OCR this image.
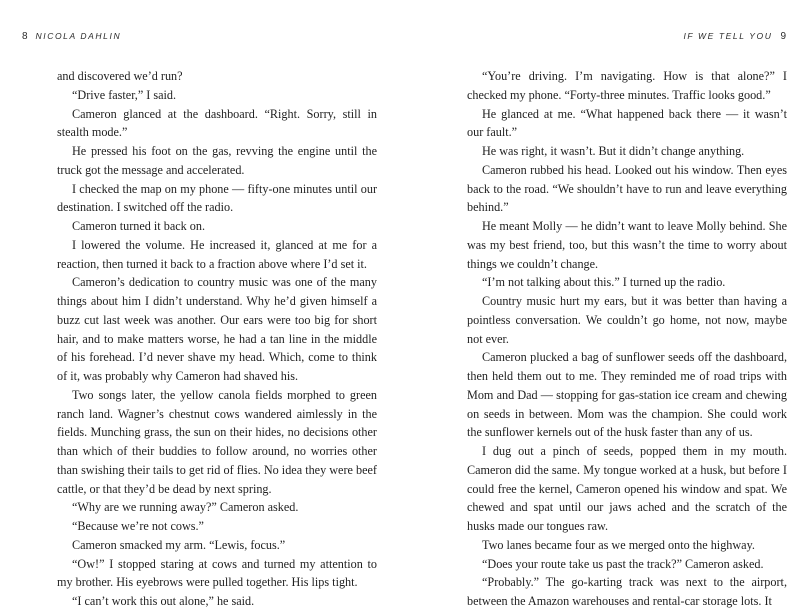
8 NICOLA DAHLIN	IF WE TELL YOU 9

and discovered we’d run?

“Drive faster,” I said.

Cameron glanced at the dashboard. “Right. Sorry, still in stealth mode.”

He pressed his foot on the gas, revving the engine until the truck got the message and accelerated.

I checked the map on my phone — fifty-one minutes until our destination. I switched off the radio.

Cameron turned it back on.

I lowered the volume. He increased it, glanced at me for a reaction, then turned it back to a fraction above where I’d set it.

Cameron’s dedication to country music was one of the many things about him I didn’t understand. Why he’d given himself a buzz cut last week was another. Our ears were too big for short hair, and to make matters worse, he had a tan line in the middle of his forehead. I’d never shave my head. Which, come to think of it, was probably why Cameron had shaved his.

Two songs later, the yellow canola fields morphed to green ranch land. Wagner’s chestnut cows wandered aimlessly in the fields. Munching grass, the sun on their hides, no decisions other than which of their buddies to follow around, no worries other than swishing their tails to get rid of flies. No idea they were beef cattle, or that they’d be dead by next spring.

“Why are we running away?” Cameron asked.

“Because we’re not cows.”

Cameron smacked my arm. “Lewis, focus.”

“Ow!” I stopped staring at cows and turned my attention to my brother. His eyebrows were pulled together. His lips tight.

“I can’t work this out alone,” he said.

“You’re driving. I’m navigating. How is that alone?” I checked my phone. “Forty-three minutes. Traffic looks good.”

He glanced at me. “What happened back there — it wasn’t our fault.”

He was right, it wasn’t. But it didn’t change anything.

Cameron rubbed his head. Looked out his window. Then eyes back to the road. “We shouldn’t have to run and leave everything behind.”

He meant Molly — he didn’t want to leave Molly behind. She was my best friend, too, but this wasn’t the time to worry about things we couldn’t change.

“I’m not talking about this.” I turned up the radio.

Country music hurt my ears, but it was better than having a pointless conversation. We couldn’t go home, not now, maybe not ever.

Cameron plucked a bag of sunflower seeds off the dashboard, then held them out to me. They reminded me of road trips with Mom and Dad — stopping for gas-station ice cream and chewing on seeds in between. Mom was the champion. She could work the sunflower kernels out of the husk faster than any of us.

I dug out a pinch of seeds, popped them in my mouth. Cameron did the same. My tongue worked at a husk, but before I could free the kernel, Cameron opened his window and spat. We chewed and spat until our jaws ached and the scratch of the husks made our tongues raw.

Two lanes became four as we merged onto the highway.

“Does your route take us past the track?” Cameron asked.

“Probably.” The go-karting track was next to the airport, between the Amazon warehouses and rental-car storage lots. It
